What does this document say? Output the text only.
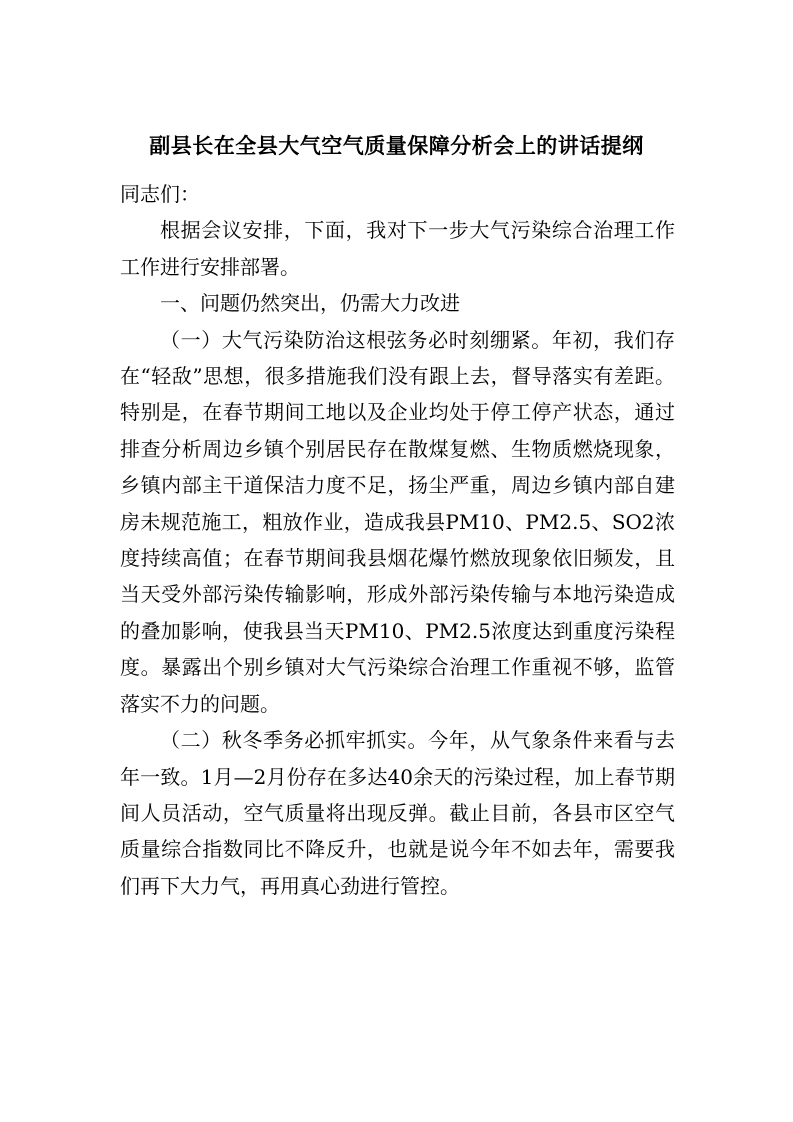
副县长在全县大气空气质量保障分析会上的讲话提纲

同志们：

根据会议安排，下面，我对下一步大气污染综合治理工作工作进行安排部署。

一、问题仍然突出，仍需大力改进

（一）大气污染防治这根弦务必时刻绷紧。年初，我们存在“轻敌”思想，很多措施我们没有跟上去，督导落实有差距。特别是，在春节期间工地以及企业均处于停工停产状态，通过排查分析周边乡镇个别居民存在散煤复燃、生物质燃烧现象，乡镇内部主干道保洁力度不足，扬尘严重，周边乡镇内部自建房未规范施工，粗放作业，造成我县PM10、PM2.5、SO2浓度持续高值；在春节期间我县烟花爆竹燃放现象依旧频发，且当天受外部污染传输影响，形成外部污染传输与本地污染造成的叠加影响，使我县当天PM10、PM2.5浓度达到重度污染程度。暴露出个别乡镇对大气污染综合治理工作重视不够，监管落实不力的问题。

（二）秋冬季务必抓牢抓实。今年，从气象条件来看与去年一致。1月—2月份存在多达40余天的污染过程，加上春节期间人员活动，空气质量将出现反弹。截止目前，各县市区空气质量综合指数同比不降反升，也就是说今年不如去年，需要我们再下大力气，再用真心劲进行管控。
